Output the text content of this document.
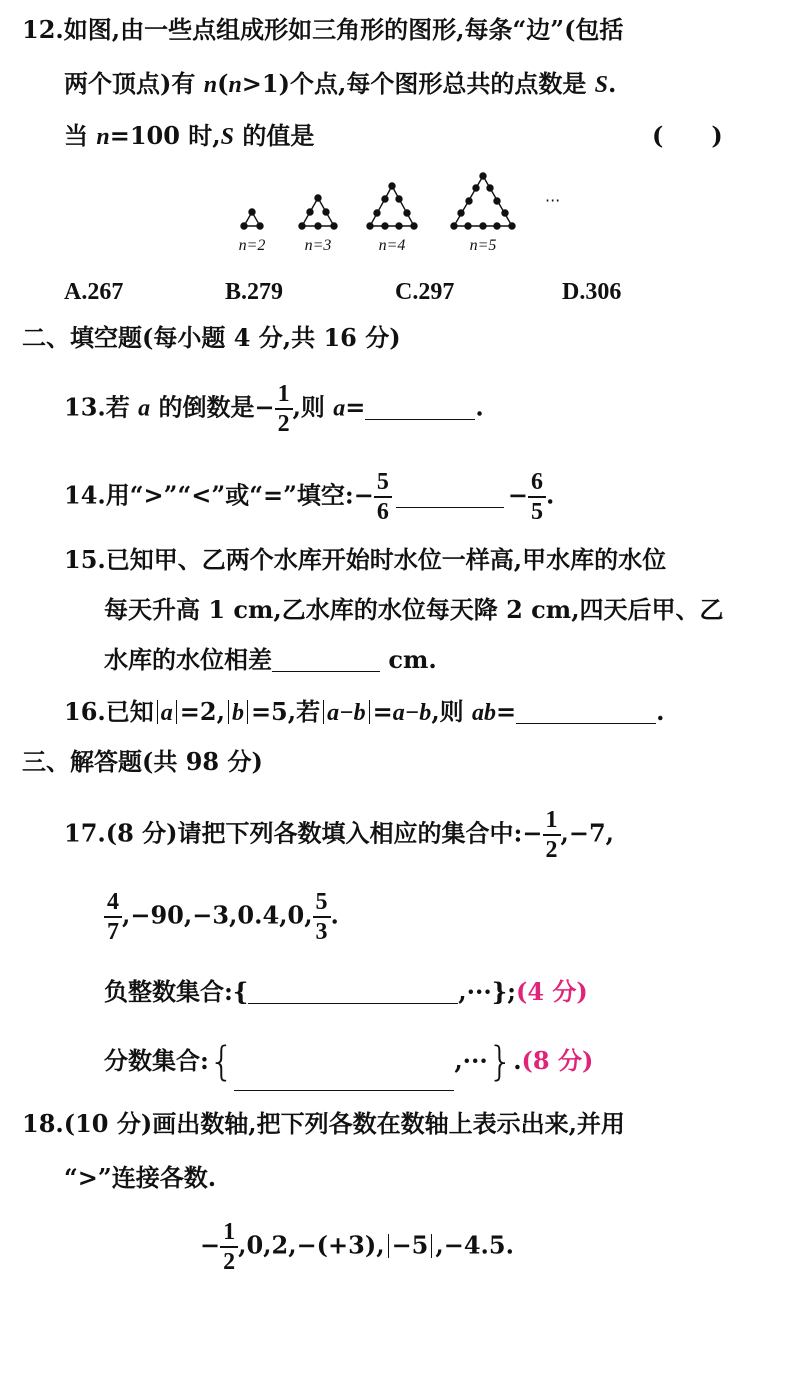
12.如图,由一些点组成形如三角形的图形,每条“边”(包括
两个顶点)有 n(n>1)个点,每个图形总共的点数是 S.
当 n=100 时,S 的值是	(　　)
n=2 n=3	n=4	n=5
···
A.267	B.279	C.297	D.306
二、填空题(每小题 4 分,共 16 分)
13.若 a 的倒数是− $\frac{1}{2}$ ,则 a=	.
14.用“>”“<”或“=”填空:− $\frac{5}{6}$	− $\frac{6}{5}$ .
15.已知甲、乙两个水库开始时水位一样高,甲水库的水位
每天升高 1 cm,乙水库的水位每天降 2 cm,四天后甲、乙
水库的水位相差	cm.
16.已知 a =2, b =5,若 a−b =a−b,则 ab=	.
三、解答题(共 98 分)
17.(8 分)请把下列各数填入相应的集合中:− $\frac{1}{2} ,-7$,
$\frac{4}{7} ,-90,-3,0.4,0$, $\frac{5}{3}$ .
负整数集合:{	,···};(4 分)
分数集合:{	,···}.(8 分)
18.(10 分)画出数轴,把下列各数在数轴上表示出来,并用
“>”连接各数.
− $\frac{1}{2} ,0,2,-(+3)$, −5 ,−4.5.
